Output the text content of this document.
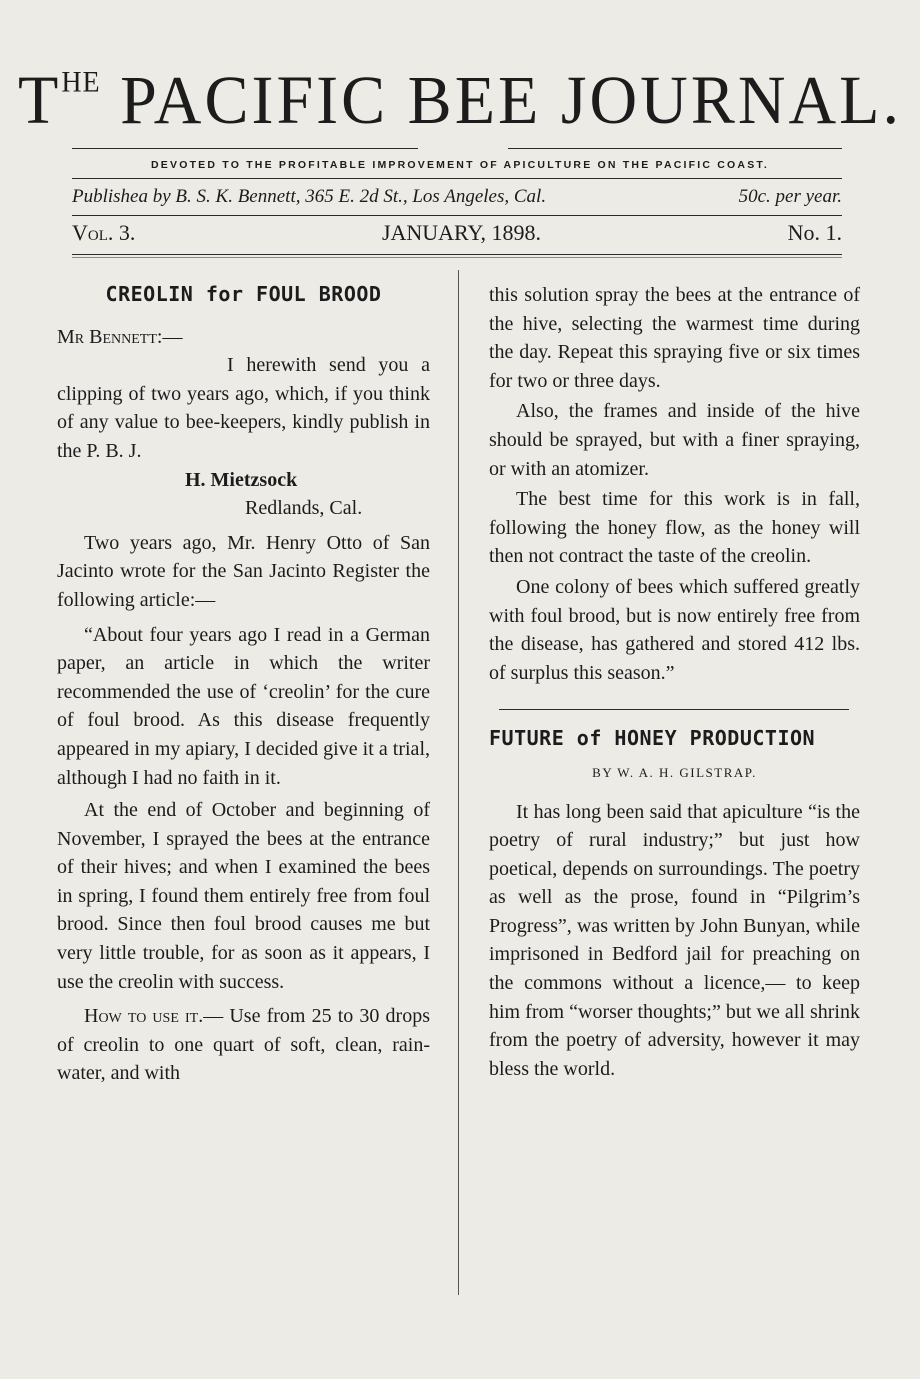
$T^{HE}$ PACIFIC BEE JOURNAL.
DEVOTED TO THE PROFITABLE IMPROVEMENT OF APICULTURE ON THE PACIFIC COAST.
Publishea by B. S. K. Bennett, 365 E. 2d St., Los Angeles, Cal.	50c. per year.
Vol. 3.	JANUARY, 1898.	No. 1.

CREOLIN for FOUL BROOD

Mr Bennett:—

I herewith send you a clipping of two years ago, which, if you think of any value to bee-keepers, kindly publish in the P. B. J.

H. Mietzsock

Redlands, Cal.

Two years ago, Mr. Henry Otto of San Jacinto wrote for the San Jacinto Register the following article:—

“About four years ago I read in a German paper, an article in which the writer recommended the use of ‘creolin’ for the cure of foul brood. As this disease frequently appeared in my apiary, I decided give it a trial, although I had no faith in it.

At the end of October and beginning of November, I sprayed the bees at the entrance of their hives; and when I examined the bees in spring, I found them entirely free from foul brood. Since then foul brood causes me but very little trouble, for as soon as it appears, I use the creolin with success.

How to use it.— Use from 25 to 30 drops of creolin to one quart of soft, clean, rain-water, and with

this solution spray the bees at the entrance of the hive, selecting the warmest time during the day. Repeat this spraying five or six times for two or three days.

Also, the frames and inside of the hive should be sprayed, but with a finer spraying, or with an atomizer.

The best time for this work is in fall, following the honey flow, as the honey will then not contract the taste of the creolin.

One colony of bees which suffered greatly with foul brood, but is now entirely free from the disease, has gathered and stored 412 lbs. of surplus this season.”

FUTURE of HONEY PRODUCTION

BY W. A. H. GILSTRAP.

It has long been said that apiculture “is the poetry of rural industry;” but just how poetical, depends on surroundings. The poetry as well as the prose, found in “Pilgrim’s Progress”, was written by John Bunyan, while imprisoned in Bedford jail for preaching on the commons without a licence,— to keep him from “worser thoughts;” but we all shrink from the poetry of adversity, however it may bless the world.
